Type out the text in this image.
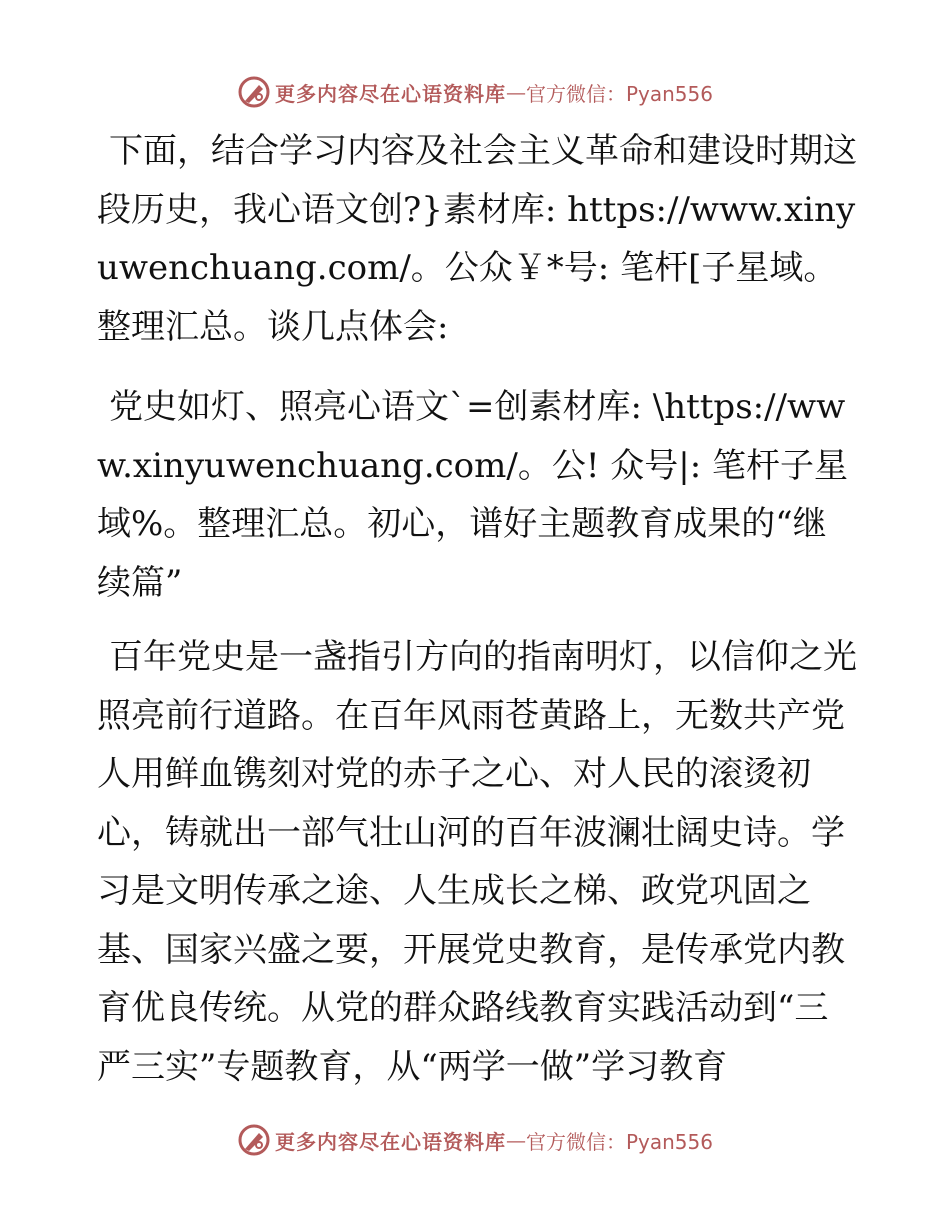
更多内容尽在心语资料库 — 官方微信：Pyan556

下面，结合学习内容及社会主义革命和建设时期这段历史，我心语文创?}素材库: https://www.xinyuwenchuang.com/。公众￥*号: 笔杆[子星域。整理汇总。谈几点体会:

党史如灯、照亮心语文`=创素材库: \https://www.xinyuwenchuang.com/。公! 众号|: 笔杆子星域%。整理汇总。初心，谱好主题教育成果的“继续篇”

百年党史是一盏指引方向的指南明灯，以信仰之光照亮前行道路。在百年风雨苍黄路上，无数共产党人用鲜血镌刻对党的赤子之心、对人民的滚烫初心，铸就出一部气壮山河的百年波澜壮阔史诗。学习是文明传承之途、人生成长之梯、政党巩固之基、国家兴盛之要，开展党史教育，是传承党内教育优良传统。从党的群众路线教育实践活动到“三严三实”专题教育，从“两学一做”学习教育

更多内容尽在心语资料库 — 官方微信：Pyan556
